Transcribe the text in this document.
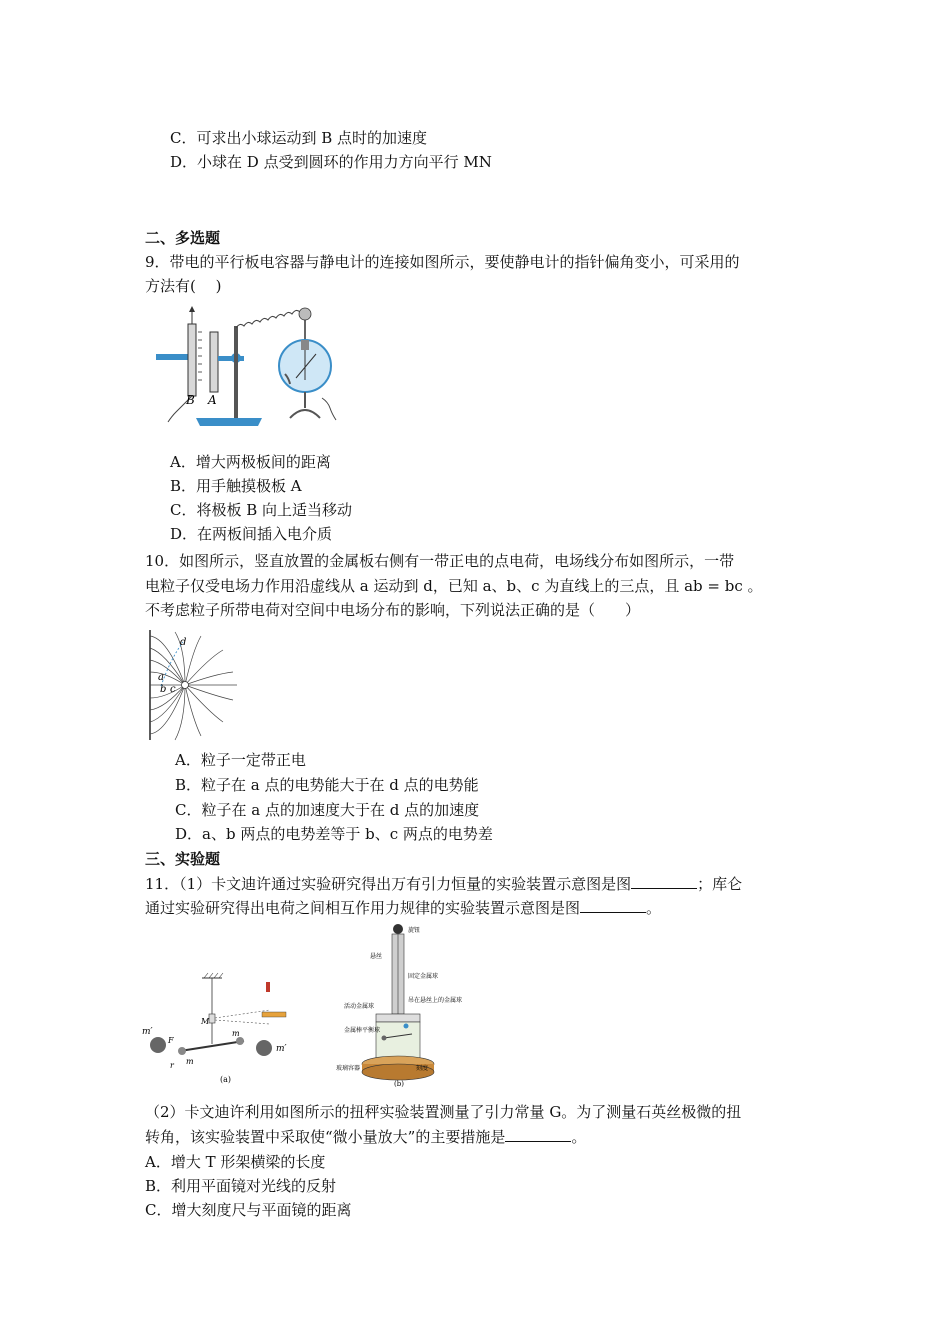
C．可求出小球运动到 B 点时的加速度
D．小球在 D 点受到圆环的作用力方向平行 MN
二、多选题
9．带电的平行板电容器与静电计的连接如图所示，要使静电计的指针偏角变小，可采用的
方法有(　 )
B A
A．增大两极板间的距离
B．用手触摸极板 A
C．将极板 B 向上适当移动
D．在两板间插入电介质
10．如图所示，竖直放置的金属板右侧有一带正电的点电荷，电场线分布如图所示，一带
电粒子仅受电场力作用沿虚线从 a 运动到 d，已知 a、b、c 为直线上的三点，且 ab = bc 。
不考虑粒子所带电荷对空间中电场分布的影响，下列说法正确的是（　　）
d
a
b c
A．粒子一定带正电
B．粒子在 a 点的电势能大于在 d 点的电势能
C．粒子在 a 点的加速度大于在 d 点的加速度
D．a、b 两点的电势差等于 b、c 两点的电势差
三、实验题
11．（1）卡文迪许通过实验研究得出万有引力恒量的实验装置示意图是图	；库仑
通过实验研究得出电荷之间相互作用力规律的实验装置示意图是图	。
m′
m′
m
m
M
F
r
(a)
旋钮
悬丝
固定金属球
吊在悬丝上的金属球
活动金属球
金属棒平衡球
玻璃容器	刻度
(b)
（2）卡文迪许利用如图所示的扭秤实验装置测量了引力常量 G。为了测量石英丝极微的扭
转角，该实验装置中采取使“微小量放大”的主要措施是	。
A．增大 T 形架横梁的长度
B．利用平面镜对光线的反射
C．增大刻度尺与平面镜的距离
